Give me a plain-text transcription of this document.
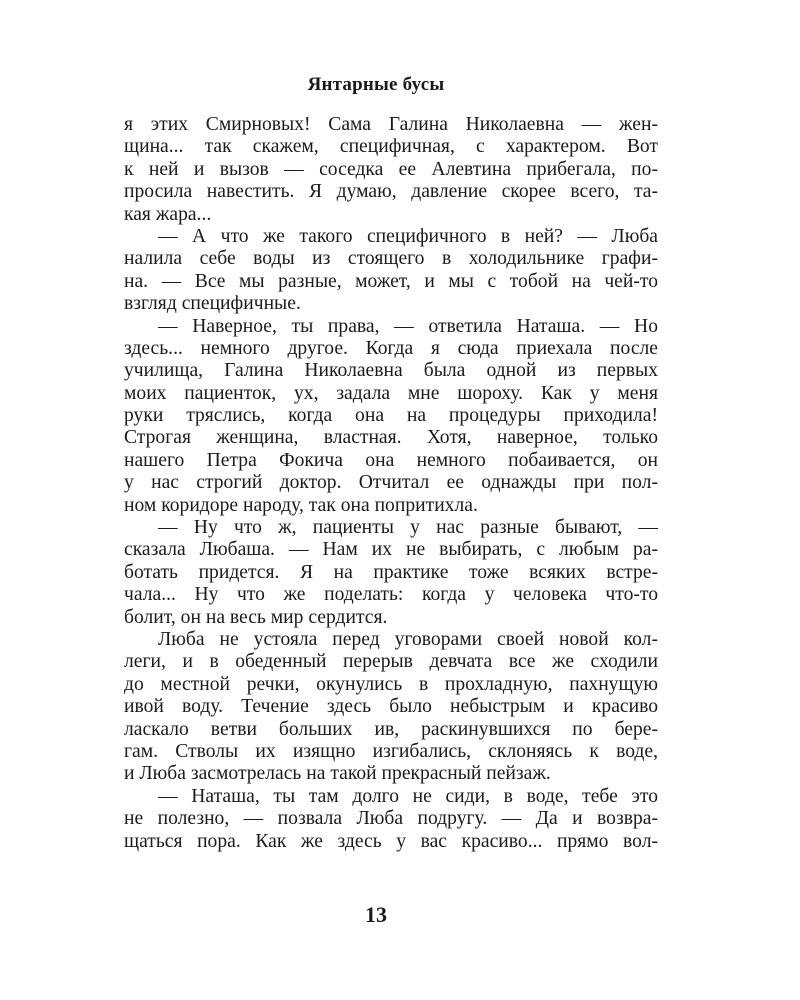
Янтарные бусы
я этих Смирновых! Сама Галина Николаевна — жен-
щина... так скажем, специфичная, с характером. Вот
к ней и вызов — соседка ее Алевтина прибегала, по-
просила навестить. Я думаю, давление скорее всего, та-
кая жара...
— А что же такого специфичного в ней? — Люба
налила себе воды из стоящего в холодильнике графи-
на. — Все мы разные, может, и мы с тобой на чей-то
взгляд специфичные.
— Наверное, ты права, — ответила Наташа. — Но
здесь... немного другое. Когда я сюда приехала после
училища, Галина Николаевна была одной из первых
моих пациенток, ух, задала мне шороху. Как у меня
руки тряслись, когда она на процедуры приходила!
Строгая женщина, властная. Хотя, наверное, только
нашего Петра Фокича она немного побаивается, он
у нас строгий доктор. Отчитал ее однажды при пол-
ном коридоре народу, так она попритихла.
— Ну что ж, пациенты у нас разные бывают, —
сказала Любаша. — Нам их не выбирать, с любым ра-
ботать придется. Я на практике тоже всяких встре-
чала... Ну что же поделать: когда у человека что-то
болит, он на весь мир сердится.
Люба не устояла перед уговорами своей новой кол-
леги, и в обеденный перерыв девчата все же сходили
до местной речки, окунулись в прохладную, пахнущую
ивой воду. Течение здесь было небыстрым и красиво
ласкало ветви больших ив, раскинувшихся по бере-
гам. Стволы их изящно изгибались, склоняясь к воде,
и Люба засмотрелась на такой прекрасный пейзаж.
— Наташа, ты там долго не сиди, в воде, тебе это
не полезно, — позвала Люба подругу. — Да и возвра-
щаться пора. Как же здесь у вас красиво... прямо вол-
13
